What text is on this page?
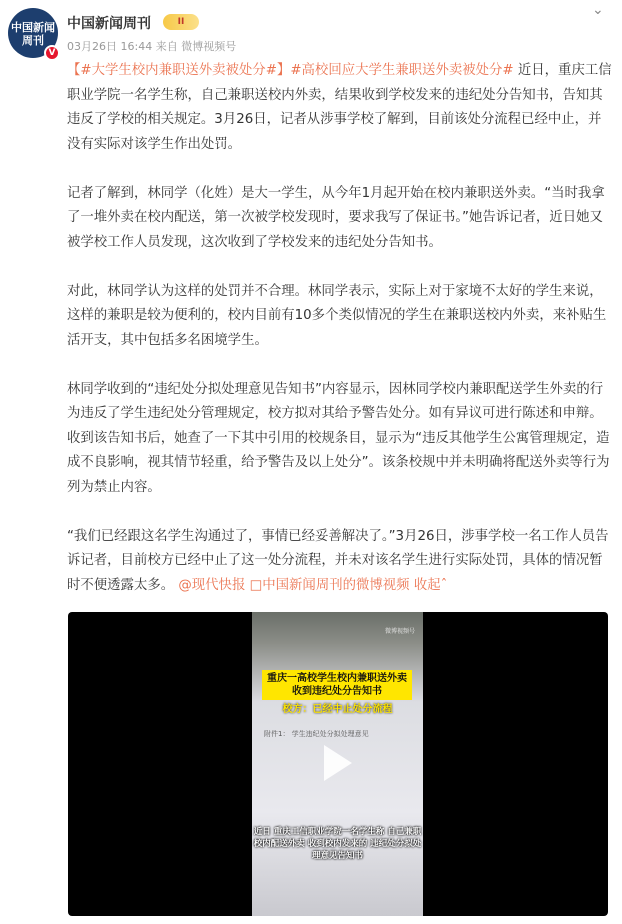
中国新闻周刊
V
中国新闻周刊	II
03月26日 16:44 来自 微博视频号
⌄

【#大学生校内兼职送外卖被处分#】#高校回应大学生兼职送外卖被处分# 近日，重庆工信职业学院一名学生称，自己兼职送校内外卖，结果收到学校发来的违纪处分告知书，告知其违反了学校的相关规定。3月26日，记者从涉事学校了解到，目前该处分流程已经中止，并没有实际对该学生作出处罚。

记者了解到，林同学（化姓）是大一学生，从今年1月起开始在校内兼职送外卖。“当时我拿了一堆外卖在校内配送，第一次被学校发现时，要求我写了保证书。”她告诉记者，近日她又被学校工作人员发现，这次收到了学校发来的违纪处分告知书。

对此，林同学认为这样的处罚并不合理。林同学表示，实际上对于家境不太好的学生来说，这样的兼职是较为便利的，校内目前有10多个类似情况的学生在兼职送校内外卖，来补贴生活开支，其中包括多名困境学生。

林同学收到的“违纪处分拟处理意见告知书”内容显示，因林同学校内兼职配送学生外卖的行为违反了学生违纪处分管理规定，校方拟对其给予警告处分。如有异议可进行陈述和申辩。收到该告知书后，她查了一下其中引用的校规条目，显示为“违反其他学生公寓管理规定，造成不良影响，视其情节轻重，给予警告及以上处分”。该条校规中并未明确将配送外卖等行为列为禁止内容。

“我们已经跟这名学生沟通过了，事情已经妥善解决了。”3月26日，涉事学校一名工作人员告诉记者，目前校方已经中止了这一处分流程，并未对该名学生进行实际处罚，具体的情况暂时不便透露太多。 @现代快报 □中国新闻周刊的微博视频 收起ˆ

微博视频号
重庆一高校学生校内兼职送外卖 收到违纪处分告知书
校方：已经中止处分流程
附件1： 学生违纪处分拟处理意见
近日 重庆工信职业学院一名学生称 自己兼职校内配送外卖 收到校内发来的 违纪处分拟处理意见告知书
